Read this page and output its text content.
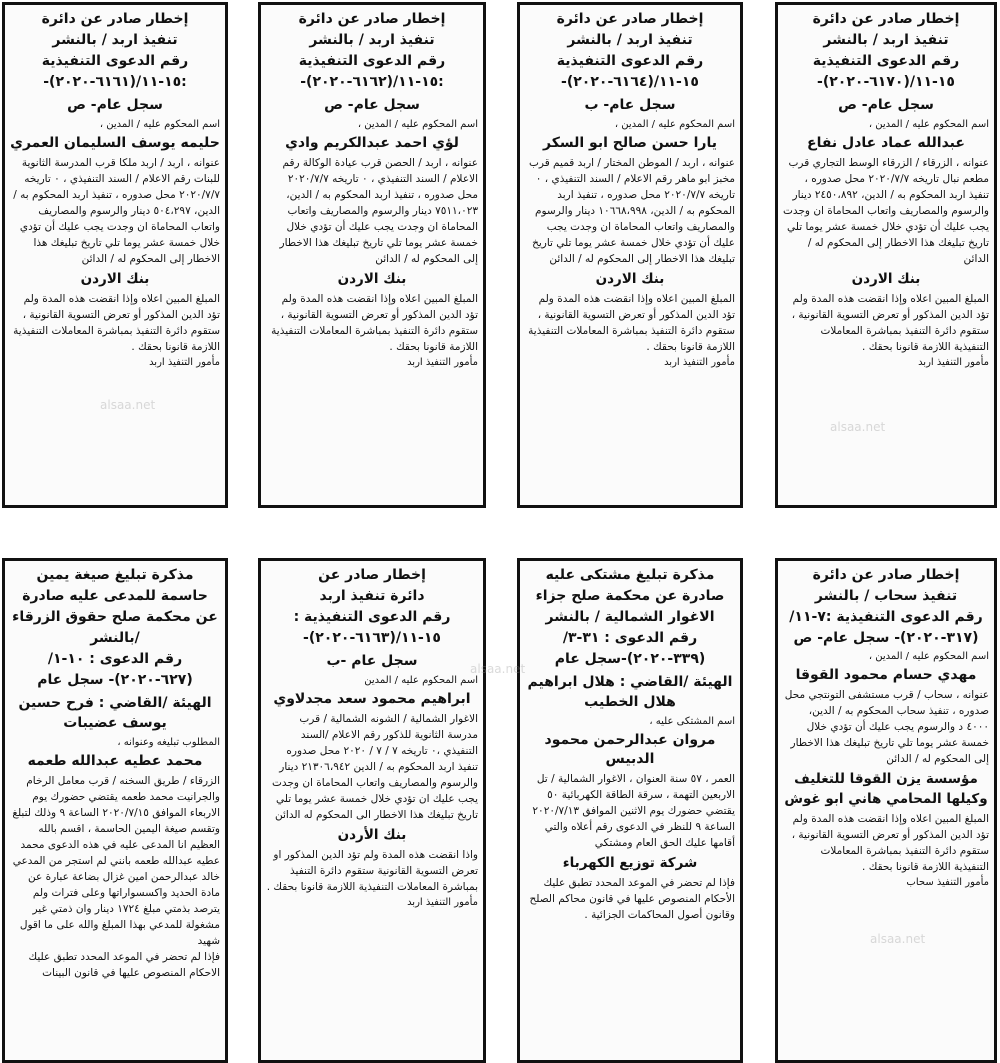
إخطار صادر عن دائرة

تنفيذ اربد / بالنشر

رقم الدعوى التنفيذية

١٥-١١/(٦١٧٠-٢٠٢٠)-

سجل عام- ص

اسم المحكوم عليه / المدين ،

عبدالله عماد عادل نفاع

عنوانه ، الزرقاء / الزرقاء الوسط التجاري قرب مطعم نبال تاريخه ٢٠٢٠/٧/٧ محل صدوره ، تنفيذ اربد المحكوم به / الدين، ٢٤٥٠،٨٩٢ دينار والرسوم والمصاريف واتعاب المحاماة ان وجدت يجب عليك أن تؤدي خلال خمسة عشر يوما تلي تاريخ تبليغك هذا الاخطار إلى المحكوم له / الدائن

بنك الاردن

المبلغ المبين اعلاه وإذا انقضت هذه المدة ولم تؤد الدين المذكور أو تعرض التسوية القانونية ، ستقوم دائرة التنفيذ بمباشرة المعاملات التنفيذية اللازمة قانونا بحقك .

مأمور التنفيذ اربد

إخطار صادر عن دائرة

تنفيذ اربد / بالنشر

رقم الدعوى التنفيذية

١٥-١١/(٦١٦٤-٢٠٢٠)-

سجل عام- ب

اسم المحكوم عليه / المدين ،

يارا حسن صالح ابو السكر

عنوانه ، اربد / الموطن المختار / اربد قميم قرب مخبز ابو ماهر رقم الاعلام / السند التنفيذي ، ٠ تاريخه ٢٠٢٠/٧/٧ محل صدوره ، تنفيذ اربد المحكوم به / الدين، ١٠٦٦٨،٩٩٨ دينار والرسوم والمصاريف واتعاب المحاماة ان وجدت يجب عليك أن تؤدي خلال خمسة عشر يوما تلي تاريخ تبليغك هذا الاخطار إلى المحكوم له / الدائن

بنك الاردن

المبلغ المبين اعلاه وإذا انقضت هذه المدة ولم تؤد الدين المذكور أو تعرض التسوية القانونية ، ستقوم دائرة التنفيذ بمباشرة المعاملات التنفيذية اللازمة قانونا بحقك .

مأمور التنفيذ اربد

إخطار صادر عن دائرة

تنفيذ اربد / بالنشر

رقم الدعوى التنفيذية

:١٥-١١/(٦١٦٢-٢٠٢٠)-

سجل عام- ص

اسم المحكوم عليه / المدين ،

لؤي احمد عبدالكريم وادي

عنوانه ، اربد / الحصن قرب عيادة الوكالة رقم الاعلام / السند التنفيذي ، ٠ تاريخه ٢٠٢٠/٧/٧ محل صدوره ، تنفيذ اربد المحكوم به / الدين، ٧٥١١،٠٢٣ دينار والرسوم والمصاريف واتعاب المحاماة ان وجدت يجب عليك أن تؤدي خلال خمسة عشر يوما تلي تاريخ تبليغك هذا الاخطار إلى المحكوم له / الدائن

بنك الاردن

المبلغ المبين اعلاه وإذا انقضت هذه المدة ولم تؤد الدين المذكور أو تعرض التسوية القانونية ، ستقوم دائرة التنفيذ بمباشرة المعاملات التنفيذية اللازمة قانونا بحقك .

مأمور التنفيذ اربد

إخطار صادر عن دائرة

تنفيذ اربد / بالنشر

رقم الدعوى التنفيذية

:١٥-١١/(٦١٦١-٢٠٢٠)-

سجل عام- ص

اسم المحكوم عليه / المدين ،

حليمه يوسف السليمان العمري

عنوانه ، اربد / اربد ملكا قرب المدرسة الثانوية للبنات رقم الاعلام / السند التنفيذي ، ٠ تاريخه ٢٠٢٠/٧/٧ محل صدوره ، تنفيذ اربد المحكوم به / الدين، ٥٠٤،٢٩٧ دينار والرسوم والمصاريف واتعاب المحاماة ان وجدت يجب عليك أن تؤدي خلال خمسة عشر يوما تلي تاريخ تبليغك هذا الاخطار إلى المحكوم له / الدائن

بنك الاردن

المبلغ المبين اعلاه وإذا انقضت هذه المدة ولم تؤد الدين المذكور أو تعرض التسوية القانونية ، ستقوم دائرة التنفيذ بمباشرة المعاملات التنفيذية اللازمة قانونا بحقك .

مأمور التنفيذ اربد

إخطار صادر عن دائرة

تنفيذ سحاب / بالنشر

رقم الدعوى التنفيذية :٧-١١/

(٣١٧-٢٠٢٠)- سجل عام- ص

اسم المحكوم عليه / المدين ،

مهدي حسام محمود القوقا

عنوانه ، سحاب / قرب مستشفى التونتجي محل صدوره ، تنفيذ سحاب المحكوم به / الدين، ٤٠٠٠ د والرسوم يجب عليك أن تؤدي خلال خمسة عشر يوما تلي تاريخ تبليغك هذا الاخطار إلى المحكوم له / الدائن

مؤسسة يزن القوقا للتغليف وكيلها المحامي هاني ابو غوش

المبلغ المبين اعلاه وإذا انقضت هذه المدة ولم تؤد الدين المذكور أو تعرض التسوية القانونية ، ستقوم دائرة التنفيذ بمباشرة المعاملات التنفيذية اللازمة قانونا بحقك .

مأمور التنفيذ سحاب

مذكرة تبليغ مشتكى عليه

صادرة عن محكمة صلح جزاء الاغوار الشمالية / بالنشر

رقم الدعوى : ٣١-٣/

(٣٣٩-٢٠٢٠)-سجل عام

الهيئة /القاضي : هلال ابراهيم هلال الخطيب

اسم المشتكى عليه ،

مروان عبدالرحمن محمود الدبيس

العمر ، ٥٧ سنة العنوان ، الاغوار الشمالية / تل الاربعين التهمة ، سرقة الطاقة الكهربائية ٥٠ يقتضي حضورك يوم الاثنين الموافق ٢٠٢٠/٧/١٣ الساعة ٩ للنظر في الدعوى رقم أعلاه والتي أقامها عليك الحق العام ومشتكي

شركة توزيع الكهرباء

فإذا لم تحضر في الموعد المحدد تطبق عليك الأحكام المنصوص عليها في قانون محاكم الصلح وقانون أصول المحاكمات الجزائية .

إخطار صادر عن

دائرة تنفيذ اربد

رقم الدعوى التنفيذية :

١٥-١١/(٦١٦٣-٢٠٢٠)-

سجل عام -ب

اسم المحكوم عليه / المدين

ابراهيم محمود سعد مجدلاوي

الاغوار الشمالية / الشونه الشمالية / قرب مدرسة الثانوية للذكور رقم الاعلام /السند التنفيذي ،٠ تاريخه ٧ / ٧ / ٢٠٢٠ محل صدوره تنفيذ اربد المحكوم به / الدين ٢١٣٠٦،٩٤٢ دينار والرسوم والمصاريف واتعاب المحاماة ان وجدت يجب عليك ان تؤدي خلال خمسة عشر يوما تلي تاريخ تبليغك هذا الاخطار الى المحكوم له الدائن

بنك الأردن

واذا انقضت هذه المدة ولم تؤد الدين المذكور او تعرض التسوية القانونية ستقوم دائرة التنفيذ بمباشرة المعاملات التنفيذية اللازمة قانونا بحقك .

مأمور التنفيذ اربد

مذكرة تبليغ صيغة يمين

حاسمة للمدعى عليه صادرة عن محكمة صلح حقوق الزرقاء /بالنشر

رقم الدعوى : ١٠-١/

(٦٢٧-٢٠٢٠)- سجل عام

الهيئة /القاضي : فرح حسين يوسف عضيبات

المطلوب تبليغه وعنوانه ،

محمد عطيه عبدالله طعمه

الزرقاء / طريق السخنه / قرب معامل الرخام والجرانيت محمد طعمه يقتضي حضورك يوم الاربعاء الموافق ٢٠٢٠/٧/١٥ الساعة ٩ وذلك لتبلغ وتقسم صيغة اليمين الحاسمة ، اقسم بالله العظيم انا المدعى عليه في هذه الدعوى محمد عطيه عبدالله طعمه بانني لم استجر من المدعي خالد عبدالرحمن امين غزال بضاعة عبارة عن مادة الحديد واكسسواراتها وعلى فترات ولم يترصد بذمتي مبلغ ١٧٢٤ دينار وان ذمتي غير مشغولة للمدعي بهذا المبلغ والله على ما اقول شهيد

فإذا لم تحضر في الموعد المحدد تطبق عليك الاحكام المنصوص عليها في قانون البينات

alsaa.net
alsaa.net
alsaa.net
alsaa.net
